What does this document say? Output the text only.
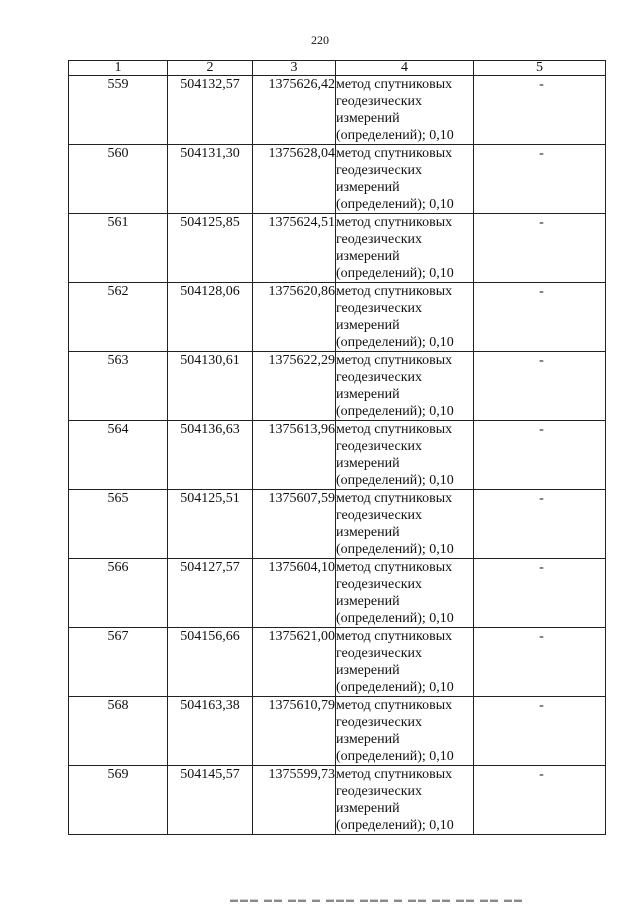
220
1	2	3	4	5
559	504132,57	1375626,42	метод спутниковых
геодезических
измерений
(определений); 0,10	-
560	504131,30	1375628,04	метод спутниковых
геодезических
измерений
(определений); 0,10	-
561	504125,85	1375624,51	метод спутниковых
геодезических
измерений
(определений); 0,10	-
562	504128,06	1375620,86	метод спутниковых
геодезических
измерений
(определений); 0,10	-
563	504130,61	1375622,29	метод спутниковых
геодезических
измерений
(определений); 0,10	-
564	504136,63	1375613,96	метод спутниковых
геодезических
измерений
(определений); 0,10	-
565	504125,51	1375607,59	метод спутниковых
геодезических
измерений
(определений); 0,10	-
566	504127,57	1375604,10	метод спутниковых
геодезических
измерений
(определений); 0,10	-
567	504156,66	1375621,00	метод спутниковых
геодезических
измерений
(определений); 0,10	-
568	504163,38	1375610,79	метод спутниковых
геодезических
измерений
(определений); 0,10	-
569	504145,57	1375599,73	метод спутниковых
геодезических
измерений
(определений); 0,10	-
▬▬▬ ▬▬ ▬▬ ▬ ▬▬▬ ▬▬▬ ▬ ▬▬ ▬▬ ▬▬ ▬▬ ▬▬
